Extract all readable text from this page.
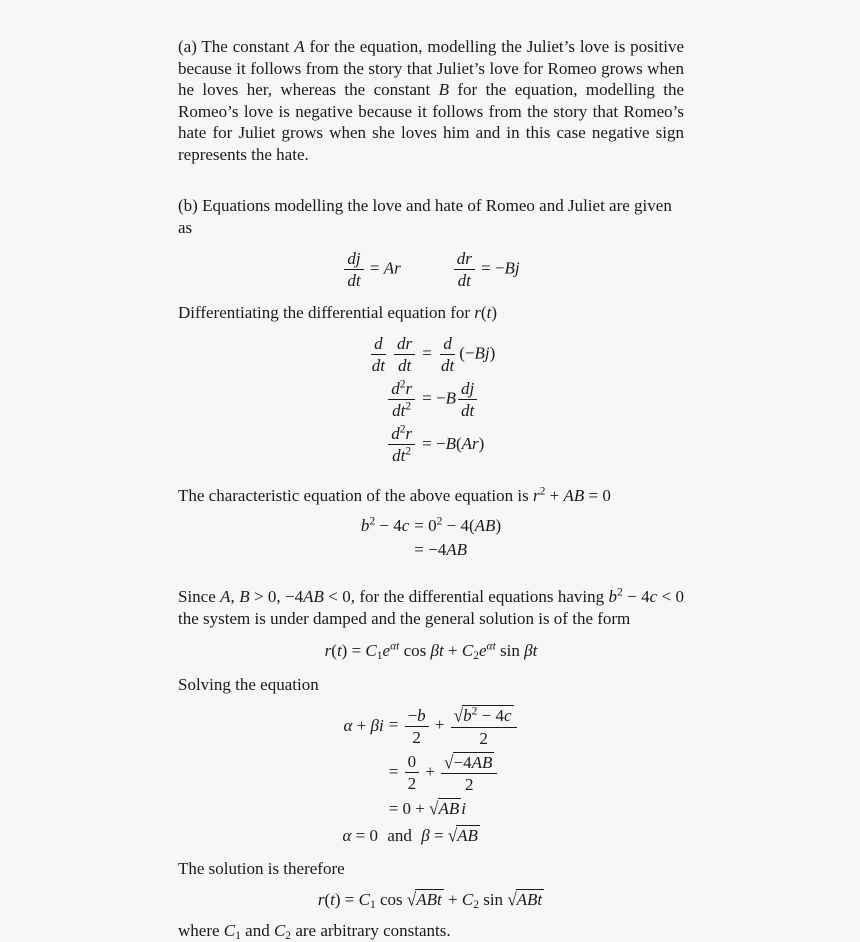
(a) The constant A for the equation, modelling the Juliet’s love is positive because it follows from the story that Juliet’s love for Romeo grows when he loves her, whereas the constant B for the equation, modelling the Romeo’s love is negative because it follows from the story that Romeo’s hate for Juliet grows when she loves him and in this case negative sign represents the hate.

(b) Equations modelling the love and hate of Romeo and Juliet are given as

$\frac{dj}{dt} = Ar$	$\frac{dr}{dt} = -Bj$

Differentiating the differential equation for r(t)

$\frac{d}{dt} \frac{dr}{dt}$	= $\frac{d}{dt} (-Bj)$

$\frac{d^2r}{dt^2}$	= $-B \frac{dj}{dt}$

$\frac{d^2r}{dt^2}$	= −B(Ar)

The characteristic equation of the above equation is $r^2$ + AB = 0

$b^2 - 4c$	= $0^2 - 4(AB)$
	= −4AB

Since A, B > 0, −4AB < 0, for the differential equations having $b^2 - 4c < 0$ the system is under damped and the general solution is of the form

$r(t) = C_1e^{\alpha t}$ $\cos \beta t + C_2e^{\alpha t}$ sin βt

Solving the equation

α + βi	= $\frac{-b}{2} + \frac{√b^2 - 4c}{2}$

	= $\frac{0}{2} + \frac{√-4AB}{2}$

	= 0 + √AB i
α = 0 and β = √AB

The solution is therefore

$r(t) = C_1$ $\cos √ABt + C_2$ sin √ABt

where $C_1$ and $C_2$ are arbitrary constants.
